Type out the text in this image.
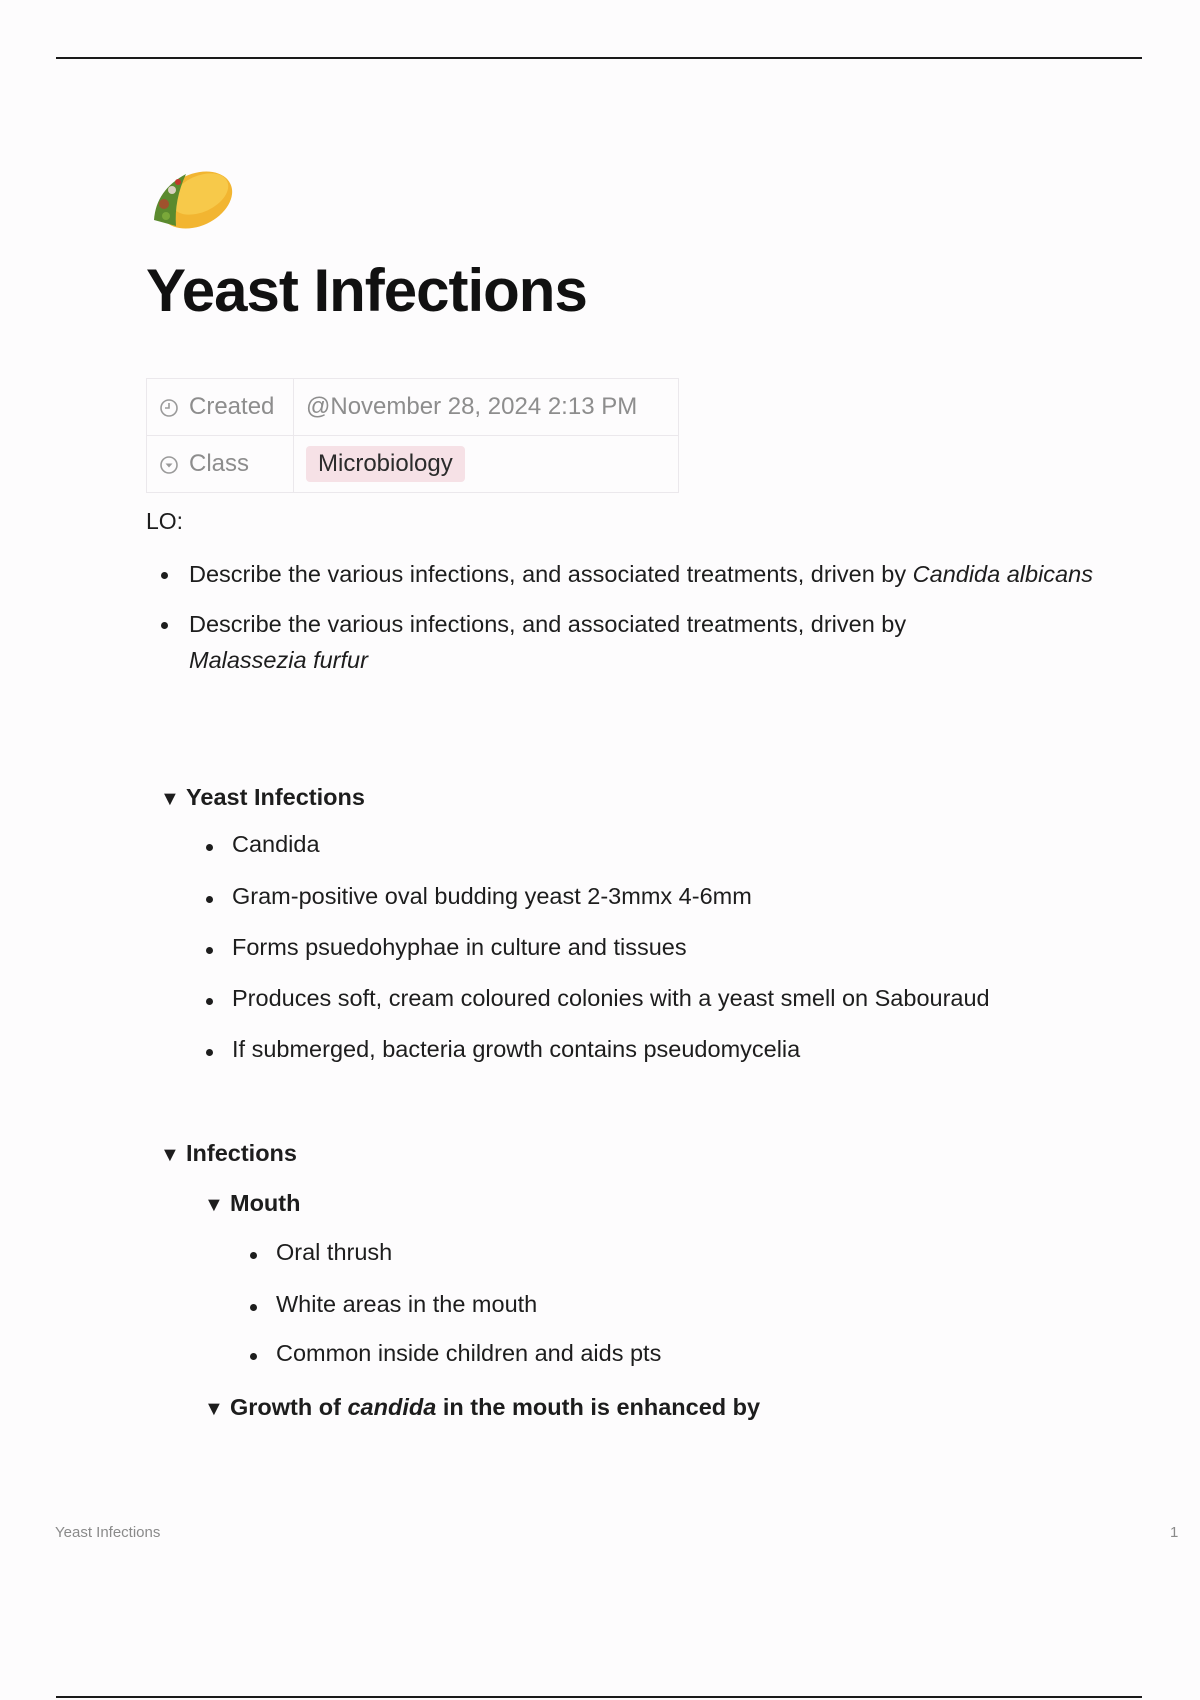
Yeast Infections
Created	@November 28, 2024 2:13 PM
Class	Microbiology
LO:
Describe the various infections, and associated treatments, driven by Candida albicans
Describe the various infections, and associated treatments, driven by Malassezia furfur
▼ Yeast Infections
Candida
Gram-positive oval budding yeast 2-3mmx 4-6mm
Forms psuedohyphae in culture and tissues
Produces soft, cream coloured colonies with a yeast smell on Sabouraud
If submerged, bacteria growth contains pseudomycelia
▼ Infections
▼ Mouth
Oral thrush
White areas in the mouth
Common inside children and aids pts
▼ Growth of candida in the mouth is enhanced by
Yeast Infections	1
